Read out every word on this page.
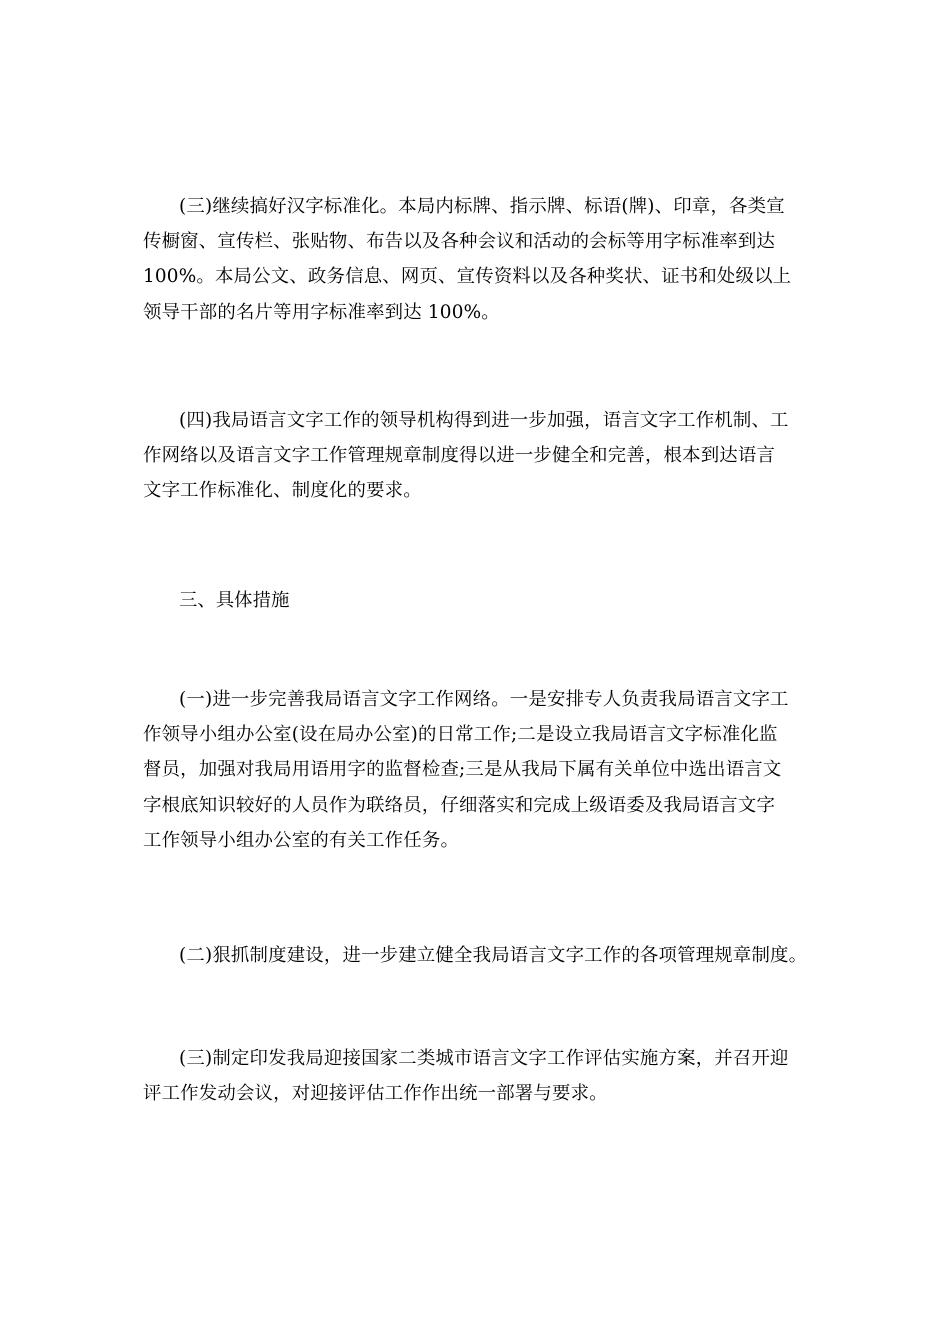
(三)继续搞好汉字标准化。本局内标牌、指示牌、标语(牌)、印章，各类宣
传橱窗、宣传栏、张贴物、布告以及各种会议和活动的会标等用字标准率到达
100%。本局公文、政务信息、网页、宣传资料以及各种奖状、证书和处级以上
领导干部的名片等用字标准率到达 100%。

(四)我局语言文字工作的领导机构得到进一步加强，语言文字工作机制、工
作网络以及语言文字工作管理规章制度得以进一步健全和完善，根本到达语言
文字工作标准化、制度化的要求。

三、具体措施

(一)进一步完善我局语言文字工作网络。一是安排专人负责我局语言文字工
作领导小组办公室(设在局办公室)的日常工作;二是设立我局语言文字标准化监
督员，加强对我局用语用字的监督检查;三是从我局下属有关单位中选出语言文
字根底知识较好的人员作为联络员，仔细落实和完成上级语委及我局语言文字
工作领导小组办公室的有关工作任务。

(二)狠抓制度建设，进一步建立健全我局语言文字工作的各项管理规章制度。

(三)制定印发我局迎接国家二类城市语言文字工作评估实施方案，并召开迎
评工作发动会议，对迎接评估工作作出统一部署与要求。
